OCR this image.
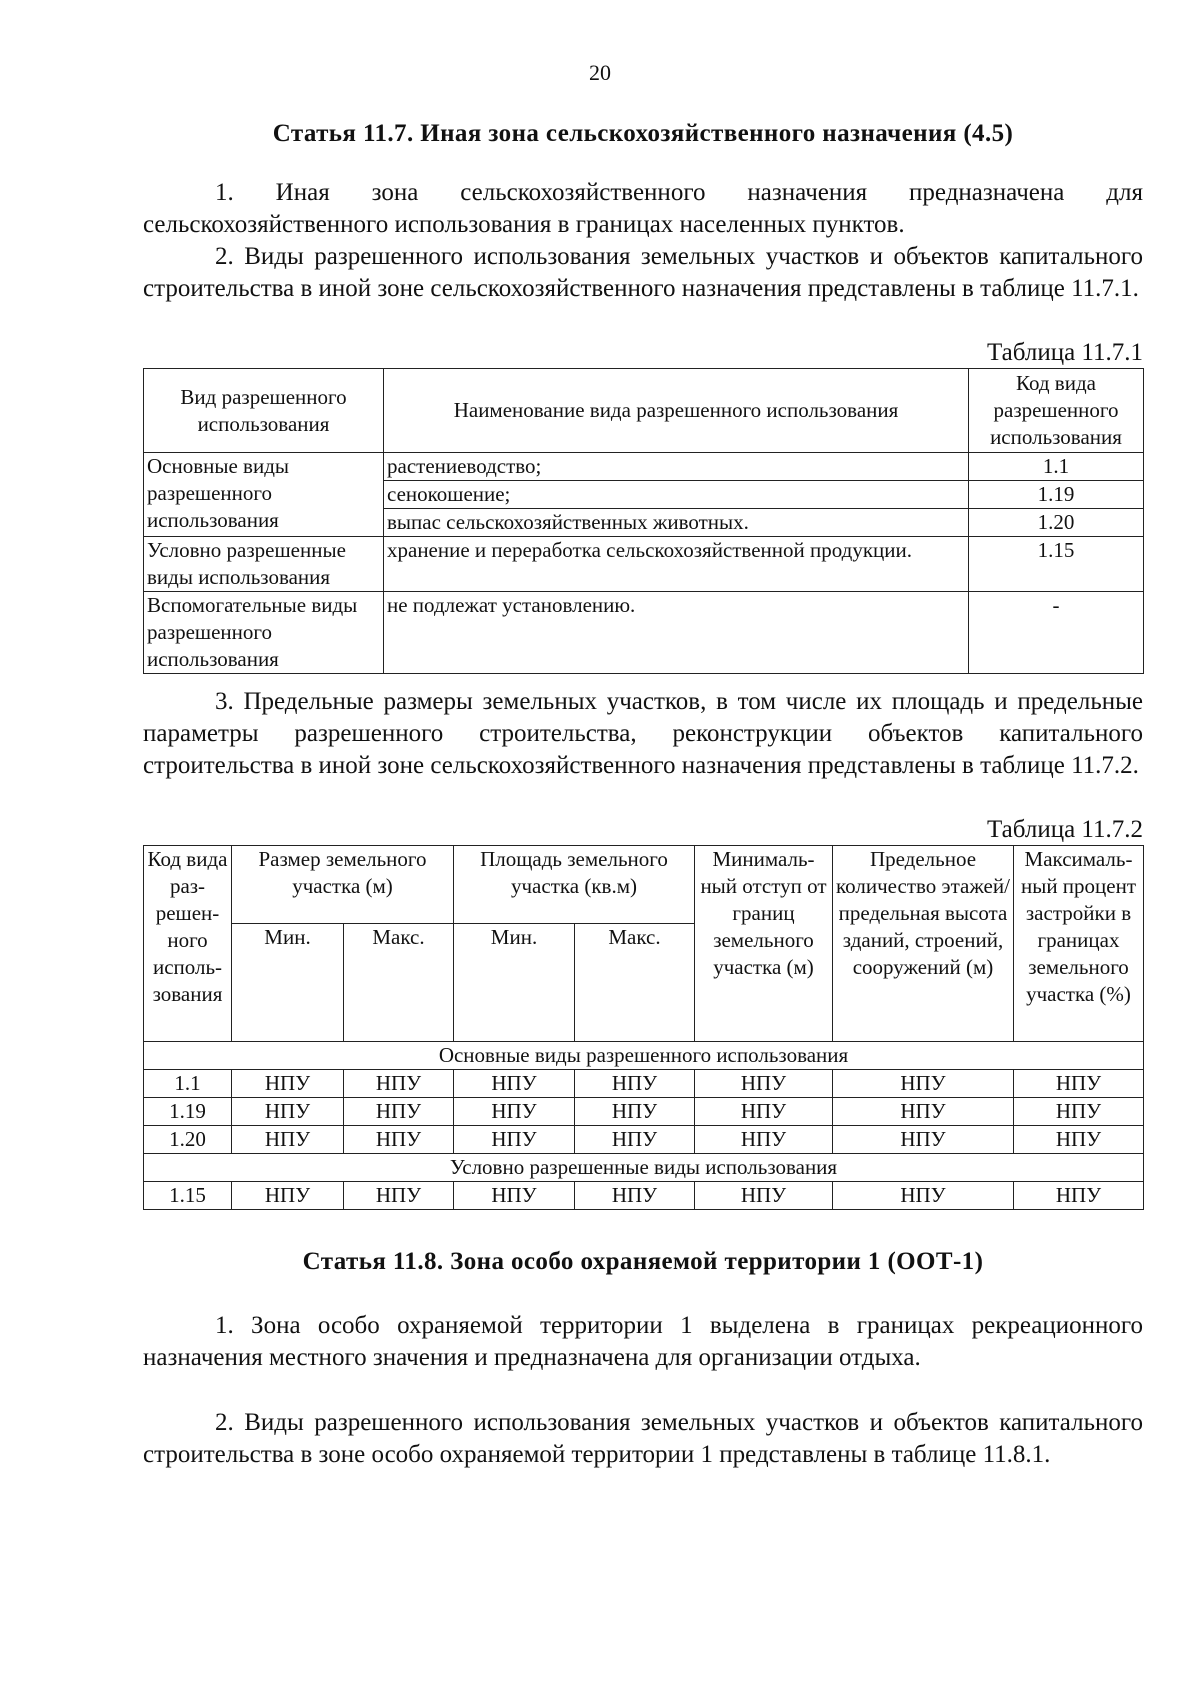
20
Статья 11.7. Иная зона сельскохозяйственного назначения (4.5)

1. Иная зона сельскохозяйственного назначения предназначена для сельскохозяйственного использования в границах населенных пунктов.

2. Виды разрешенного использования земельных участков и объектов капитального строительства в иной зоне сельскохозяйственного назначения представлены в таблице 11.7.1.

Таблица 11.7.1
Вид разрешенного использования	Наименование вида разрешенного использования	Код вида разрешенного использования
Основные виды разрешенного использования	растениеводство;	1.1
	сенокошение;	1.19
	выпас сельскохозяйственных животных.	1.20
Условно разрешенные виды использования	хранение и переработка сельскохозяйственной продукции.	1.15
Вспомогательные виды разрешенного использования	не подлежат установлению.	-

3. Предельные размеры земельных участков, в том числе их площадь и предельные параметры разрешенного строительства, реконструкции объектов капитального строительства в иной зоне сельскохозяйственного назначения представлены в таблице 11.7.2.

Таблица 11.7.2
Код вида раз-решен-ного исполь-зования	Размер земельного участка (м)		Площадь земельного участка (кв.м)		Минималь-ный отступ от границ земельного участка (м)	Предельное количество этажей/ предельная высота зданий, строений, сооружений (м)	Максималь-ный процент застройки в границах земельного участка (%)
	Мин.	Макс.	Мин.	Макс.			
Основные виды разрешенного использования							
1.1	НПУ	НПУ	НПУ	НПУ	НПУ	НПУ	НПУ
1.19	НПУ	НПУ	НПУ	НПУ	НПУ	НПУ	НПУ
1.20	НПУ	НПУ	НПУ	НПУ	НПУ	НПУ	НПУ
Условно разрешенные виды использования							
1.15	НПУ	НПУ	НПУ	НПУ	НПУ	НПУ	НПУ
Статья 11.8. Зона особо охраняемой территории 1 (ООТ-1)

1. Зона особо охраняемой территории 1 выделена в границах рекреационного назначения местного значения и предназначена для организации отдыха.

2. Виды разрешенного использования земельных участков и объектов капитального строительства в зоне особо охраняемой территории 1 представлены в таблице 11.8.1.
